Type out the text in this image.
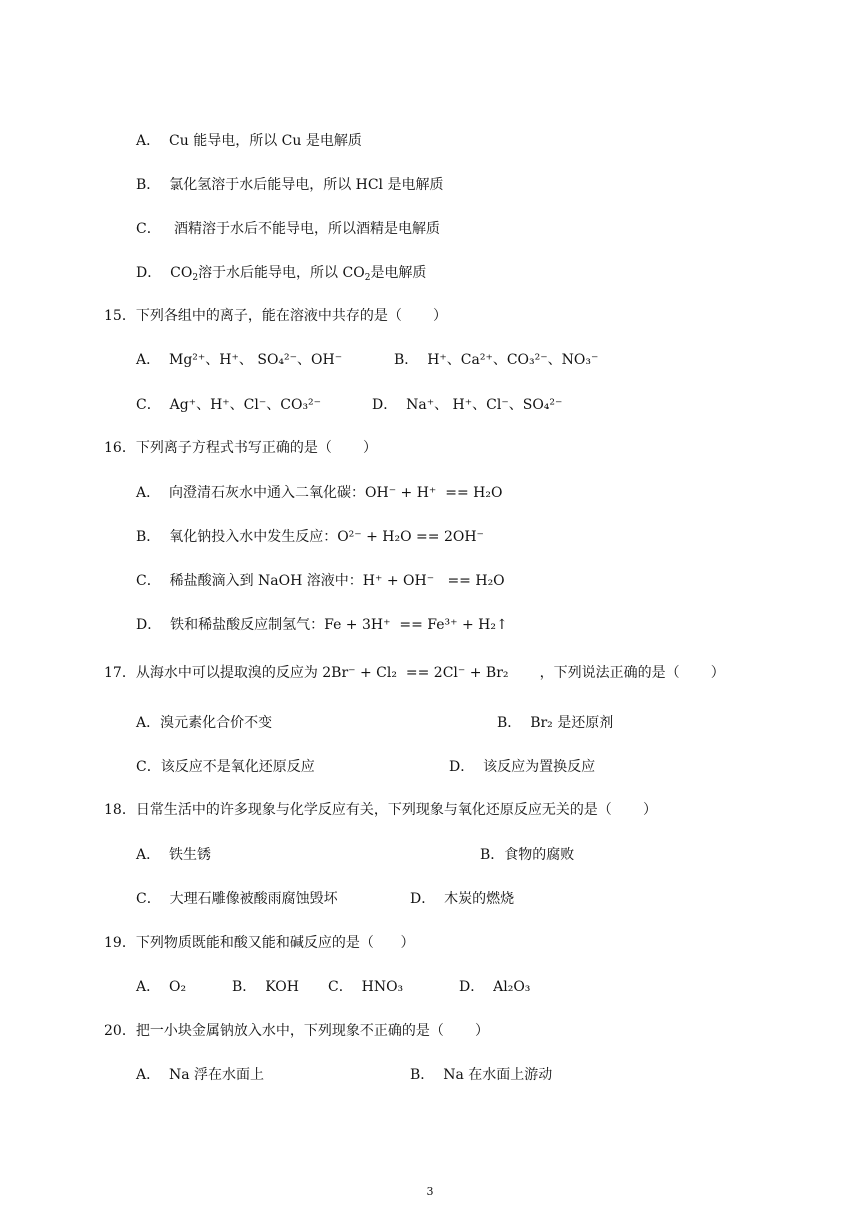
A．  Cu 能导电，所以 Cu 是电解质
B．  氯化氢溶于水后能导电，所以 HCl 是电解质
C．   酒精溶于水后不能导电，所以酒精是电解质
D．  $CO_2$溶于水后能导电，所以 $CO_2$是电解质
15．下列各组中的离子，能在溶液中共存的是（       ）
A．  Mg²⁺、H⁺、 SO₄²⁻、OH⁻	B．  H⁺、Ca²⁺、CO₃²⁻、NO₃⁻
C．  Ag⁺、H⁺、Cl⁻、CO₃²⁻	D．  Na⁺、 H⁺、Cl⁻、SO₄²⁻
16．下列离子方程式书写正确的是（       ）
A．  向澄清石灰水中通入二氧化碳：OH⁻ + H⁺  == H₂O
B．  氧化钠投入水中发生反应：O²⁻ + H₂O == 2OH⁻
C．  稀盐酸滴入到 NaOH 溶液中：H⁺ + OH⁻   == H₂O
D．  铁和稀盐酸反应制氢气：Fe + 3H⁺  == Fe³⁺ + H₂↑
17．从海水中可以提取溴的反应为 2Br⁻ + Cl₂  == 2Cl⁻ + Br₂       ，下列说法正确的是（       ）
A．溴元素化合价不变	B．  Br₂ 是还原剂
C．该反应不是氧化还原反应	D．  该反应为置换反应
18．日常生活中的许多现象与化学反应有关，下列现象与氧化还原反应无关的是（       ）
A．  铁生锈	B．食物的腐败
C．  大理石雕像被酸雨腐蚀毁坏	D．  木炭的燃烧
19．下列物质既能和酸又能和碱反应的是（      ）
A．  O₂	B．  KOH C．  HNO₃	D．  Al₂O₃
20．把一小块金属钠放入水中，下列现象不正确的是（       ）
A．  Na 浮在水面上	B．  Na 在水面上游动
3
